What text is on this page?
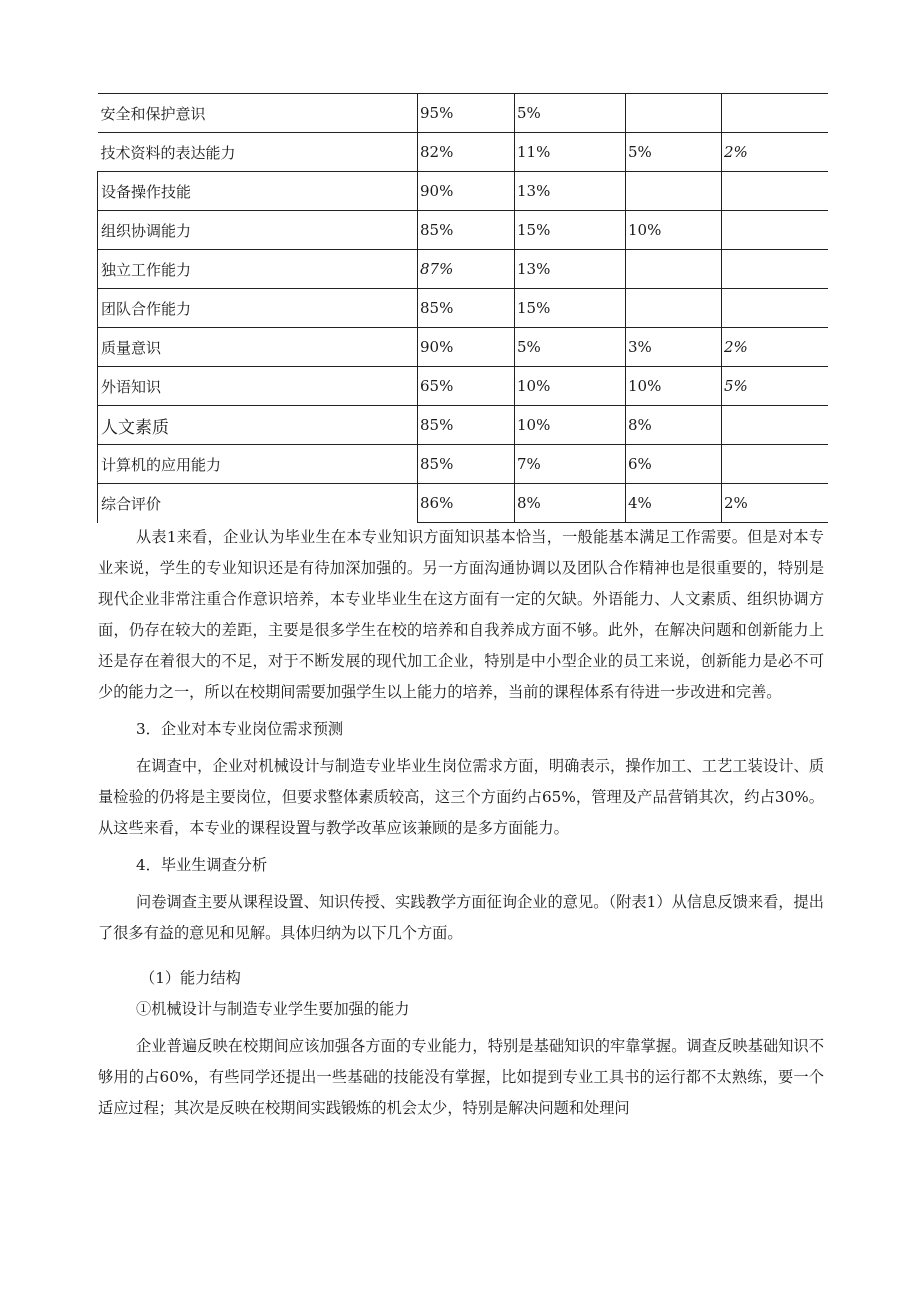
安全和保护意识	95%	5%		
技术资料的表达能力	82%	11%	5%	2%
设备操作技能	90%	13%		
组织协调能力	85%	15%	10%	
独立工作能力	87%	13%		
团队合作能力	85%	15%		
质量意识	90%	5%	3%	2%
外语知识	65%	10%	10%	5%
人文素质	85%	10%	8%	
计算机的应用能力	85%	7%	6%	
综合评价	86%	8%	4%	2%

从表1来看，企业认为毕业生在本专业知识方面知识基本恰当，一般能基本满足工作需要。但是对本专业来说，学生的专业知识还是有待加深加强的。另一方面沟通协调以及团队合作精神也是很重要的，特别是现代企业非常注重合作意识培养，本专业毕业生在这方面有一定的欠缺。外语能力、人文素质、组织协调方面，仍存在较大的差距，主要是很多学生在校的培养和自我养成方面不够。此外，在解决问题和创新能力上还是存在着很大的不足，对于不断发展的现代加工企业，特别是中小型企业的员工来说，创新能力是必不可少的能力之一，所以在校期间需要加强学生以上能力的培养，当前的课程体系有待进一步改进和完善。

3．企业对本专业岗位需求预测

在调查中，企业对机械设计与制造专业毕业生岗位需求方面，明确表示，操作加工、工艺工装设计、质量检验的仍将是主要岗位，但要求整体素质较高，这三个方面约占65%，管理及产品营销其次，约占30%。从这些来看，本专业的课程设置与教学改革应该兼顾的是多方面能力。

4．毕业生调查分析

问卷调查主要从课程设置、知识传授、实践教学方面征询企业的意见。（附表1）从信息反馈来看，提出了很多有益的意见和见解。具体归纳为以下几个方面。

（1）能力结构

①机械设计与制造专业学生要加强的能力

企业普遍反映在校期间应该加强各方面的专业能力，特别是基础知识的牢靠掌握。调查反映基础知识不够用的占60%，有些同学还提出一些基础的技能没有掌握，比如提到专业工具书的运行都不太熟练，要一个适应过程；其次是反映在校期间实践锻炼的机会太少，特别是解决问题和处理问
